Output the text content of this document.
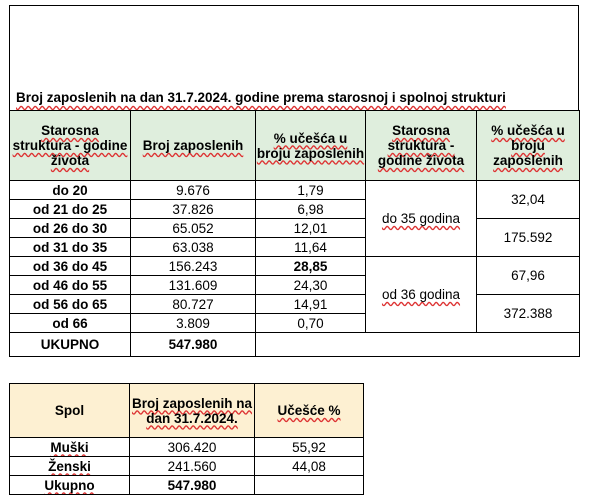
Broj zaposlenih na dan 31.7.2024. godine prema starosnoj i spolnoj strukturi
Starosna struktura - godine života	Broj zaposlenih	% učešća u broju zaposlenih	Starosna struktura - godine života	% učešća u broju zaposlenih
do 20	9.676	1,79	do 35 godina	32,04
od 21 do 25	37.826	6,98		
od 26 do 30	65.052	12,01		175.592
od 31 do 35	63.038	11,64		
od 36 do 45	156.243	28,85	od 36 godina	67,96
od 46 do 55	131.609	24,30		
od 56 do 65	80.727	14,91		372.388
od 66	3.809	0,70		
UKUPNO	547.980			
Spol	Broj zaposlenih na dan 31.7.2024.	Učešće %
Muški	306.420	55,92
Ženski	241.560	44,08
Ukupno	547.980	
